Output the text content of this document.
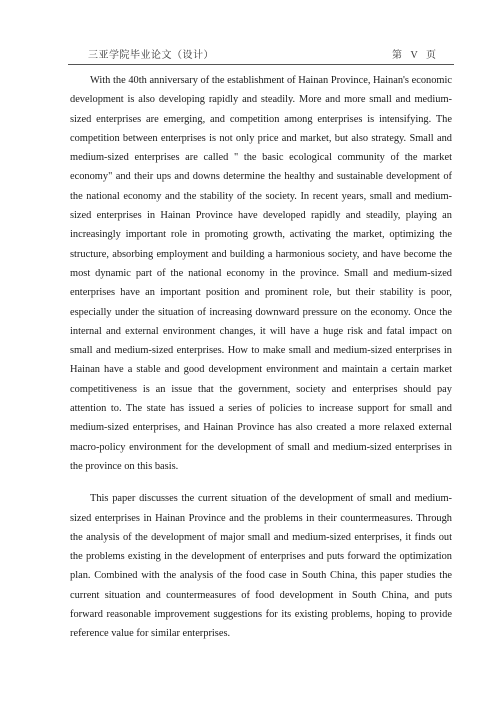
三亚学院毕业论文（设计）	第 V 页

With the 40th anniversary of the establishment of Hainan Province, Hainan's economic development is also developing rapidly and steadily. More and more small and medium-sized enterprises are emerging, and competition among enterprises is intensifying. The competition between enterprises is not only price and market, but also strategy. Small and medium-sized enterprises are called " the basic ecological community of the market economy" and their ups and downs determine the healthy and sustainable development of the national economy and the stability of the society. In recent years, small and medium-sized enterprises in Hainan Province have developed rapidly and steadily, playing an increasingly important role in promoting growth, activating the market, optimizing the structure, absorbing employment and building a harmonious society, and have become the most dynamic part of the national economy in the province. Small and medium-sized enterprises have an important position and prominent role, but their stability is poor, especially under the situation of increasing downward pressure on the economy. Once the internal and external environment changes, it will have a huge risk and fatal impact on small and medium-sized enterprises. How to make small and medium-sized enterprises in Hainan have a stable and good development environment and maintain a certain market competitiveness is an issue that the government, society and enterprises should pay attention to. The state has issued a series of policies to increase support for small and medium-sized enterprises, and Hainan Province has also created a more relaxed external macro-policy environment for the development of small and medium-sized enterprises in the province on this basis.

This paper discusses the current situation of the development of small and medium-sized enterprises in Hainan Province and the problems in their countermeasures. Through the analysis of the development of major small and medium-sized enterprises, it finds out the problems existing in the development of enterprises and puts forward the optimization plan. Combined with the analysis of the food case in South China, this paper studies the current situation and countermeasures of food development in South China, and puts forward reasonable improvement suggestions for its existing problems, hoping to provide reference value for similar enterprises.
